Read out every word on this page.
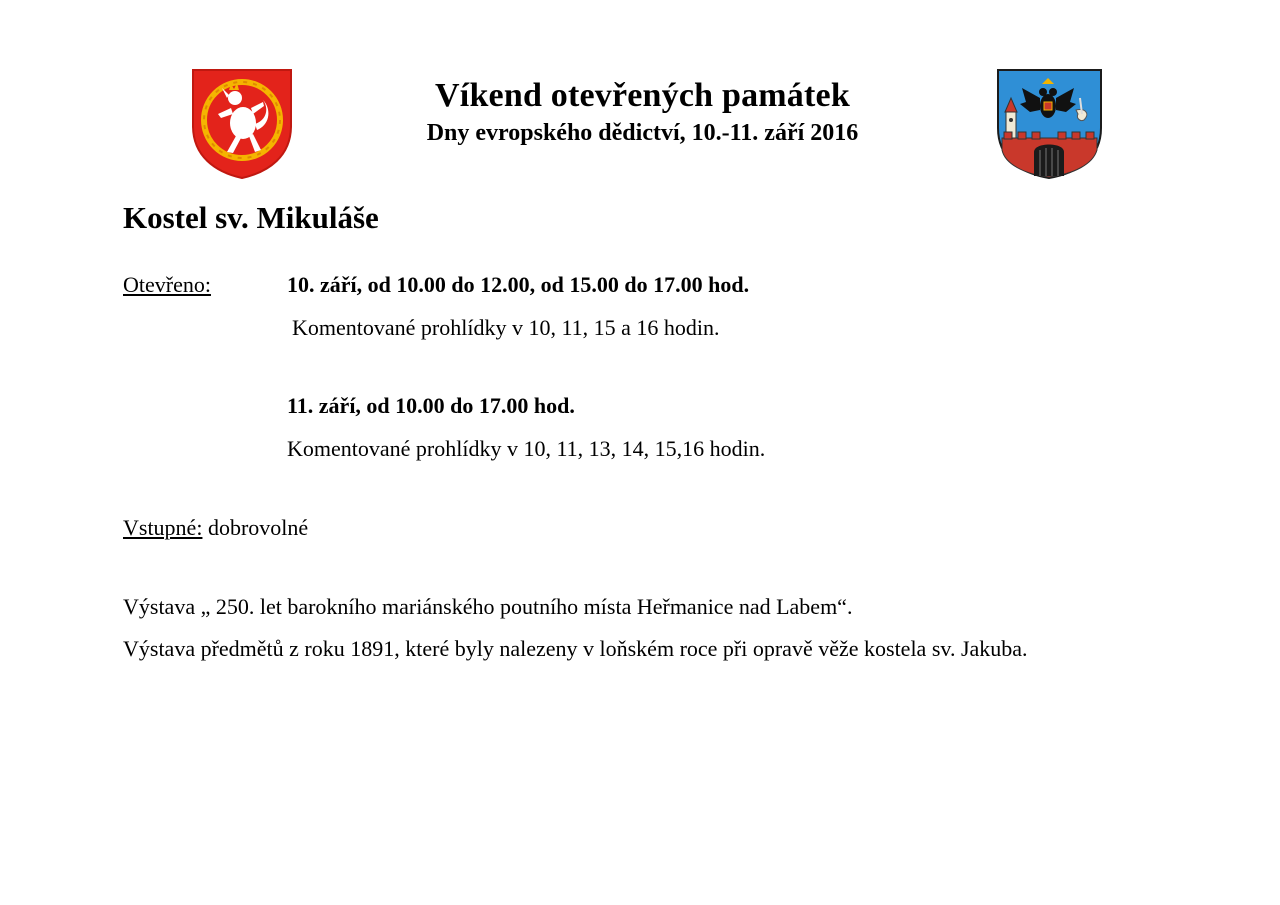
Víkend otevřených památek
Dny evropského dědictví, 10.-11. září 2016
Kostel sv. Mikuláše
Otevřeno:	10. září, od 10.00 do 12.00, od 15.00 do 17.00 hod.
Komentované prohlídky v 10, 11, 15 a 16 hodin.
11. září, od 10.00 do 17.00 hod.
Komentované prohlídky v 10, 11, 13, 14, 15,16 hodin.
Vstupné: dobrovolné
Výstava „ 250. let barokního mariánského poutního místa Heřmanice nad Labem“.
Výstava předmětů z roku 1891, které byly nalezeny v loňském roce při opravě věže kostela sv. Jakuba.
